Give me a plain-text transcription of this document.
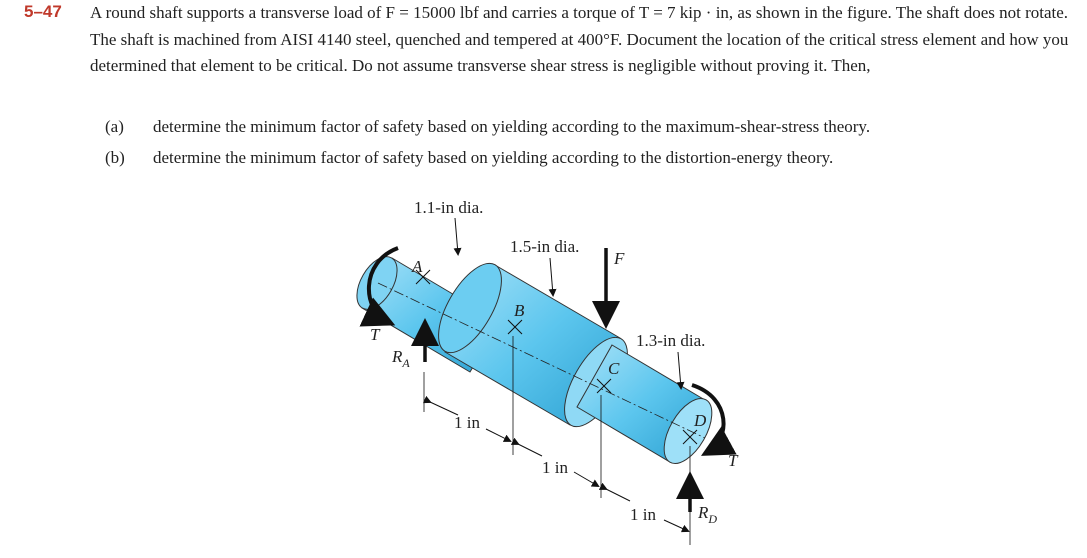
5–47 A round shaft supports a transverse load of F = 15000 lbf and carries a torque of T = 7 kip · in, as shown in the figure. The shaft does not rotate. The shaft is machined from AISI 4140 steel, quenched and tempered at 400°F. Document the location of the critical stress element and how you determined that element to be critical. Do not assume transverse shear stress is negligible without proving it. Then,
(a) determine the minimum factor of safety based on yielding according to the maximum-shear-stress theory.
(b) determine the minimum factor of safety based on yielding according to the distortion-energy theory.
1.1-in dia.
1.5-in dia.
1.3-in dia.
F
T
T
$R_A$
$R_D$
A
B
C
D
1 in
1 in
1 in
